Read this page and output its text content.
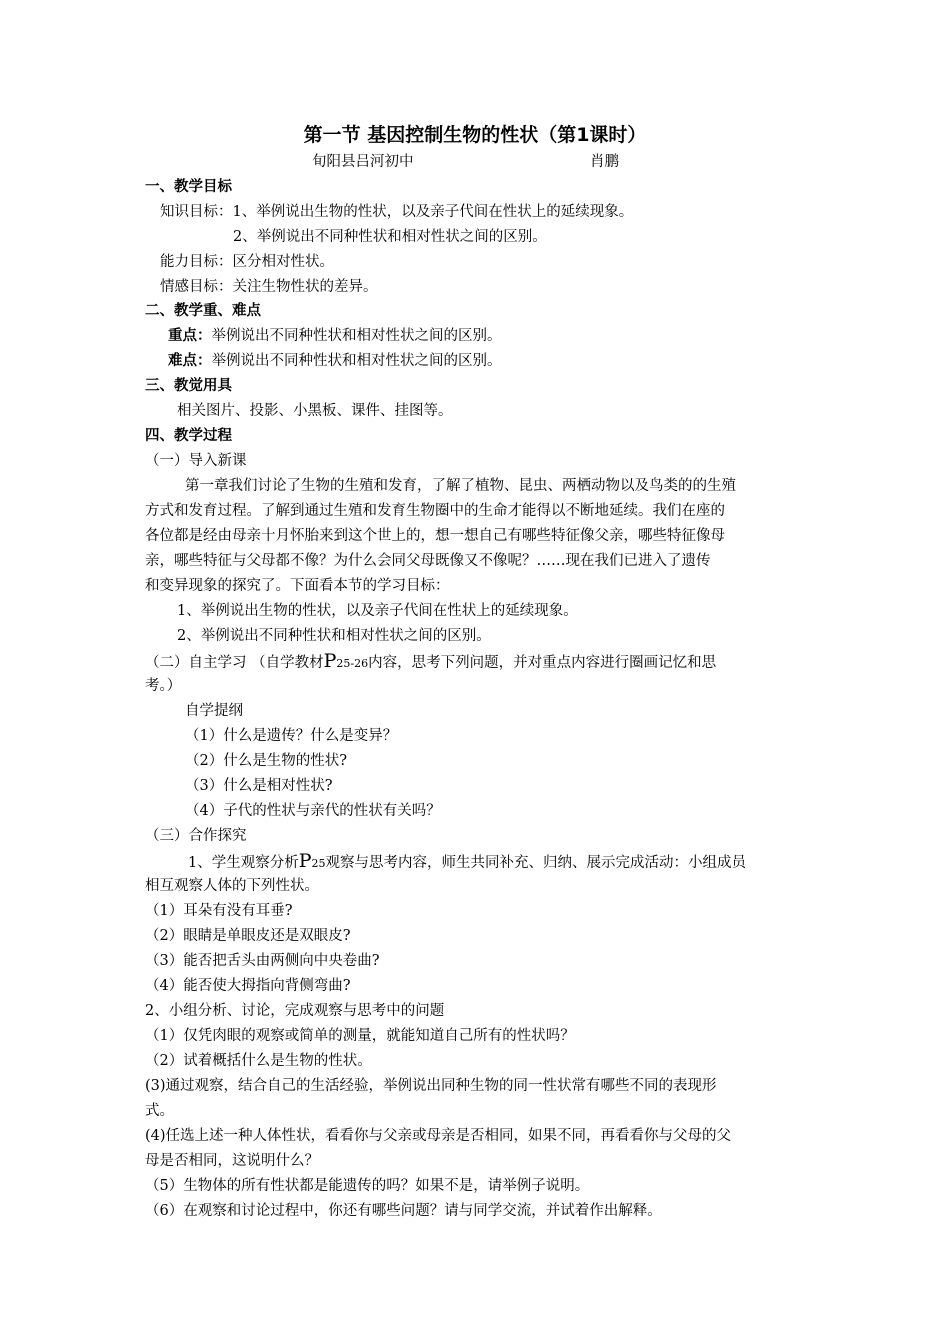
第一节 基因控制生物的性状（第1课时）
旬阳县吕河初中	肖鹏
一、教学目标
知识目标：1、举例说出生物的性状，以及亲子代间在性状上的延续现象。
2、举例说出不同种性状和相对性状之间的区别。
能力目标：区分相对性状。
情感目标：关注生物性状的差异。
二、教学重、难点
重点：举例说出不同种性状和相对性状之间的区别。
难点：举例说出不同种性状和相对性状之间的区别。
三、教觉用具
相关图片、投影、小黑板、课件、挂图等。
四、教学过程
（一）导入新课
第一章我们讨论了生物的生殖和发育，了解了植物、昆虫、两栖动物以及鸟类的的生殖
方式和发育过程。了解到通过生殖和发育生物圈中的生命才能得以不断地延续。我们在座的
各位都是经由母亲十月怀胎来到这个世上的，想一想自己有哪些特征像父亲，哪些特征像母
亲，哪些特征与父母都不像？为什么会同父母既像又不像呢？……现在我们已进入了遗传
和变异现象的探究了。下面看本节的学习目标：
1、举例说出生物的性状，以及亲子代间在性状上的延续现象。
2、举例说出不同种性状和相对性状之间的区别。
（二）自主学习 （自学教材P25-26内容，思考下列问题，并对重点内容进行圈画记忆和思
考。）
自学提纲
（1）什么是遗传？什么是变异？
（2）什么是生物的性状?
（3）什么是相对性状?
（4）子代的性状与亲代的性状有关吗？
（三）合作探究
1、学生观察分析P25观察与思考内容，师生共同补充、归纳、展示完成活动：小组成员
相互观察人体的下列性状。
（1）耳朵有没有耳垂?
（2）眼睛是单眼皮还是双眼皮?
（3）能否把舌头由两侧向中央卷曲?
（4）能否使大拇指向背侧弯曲?
2、小组分析、讨论，完成观察与思考中的问题
（1）仅凭肉眼的观察或简单的测量，就能知道自己所有的性状吗？
（2）试着概括什么是生物的性状。
(3)通过观察，结合自己的生活经验，举例说出同种生物的同一性状常有哪些不同的表现形
式。
(4)任选上述一种人体性状，看看你与父亲或母亲是否相同，如果不同，再看看你与父母的父
母是否相同，这说明什么？
（5）生物体的所有性状都是能遗传的吗？如果不是，请举例子说明。
（6）在观察和讨论过程中，你还有哪些问题？请与同学交流，并试着作出解释。
